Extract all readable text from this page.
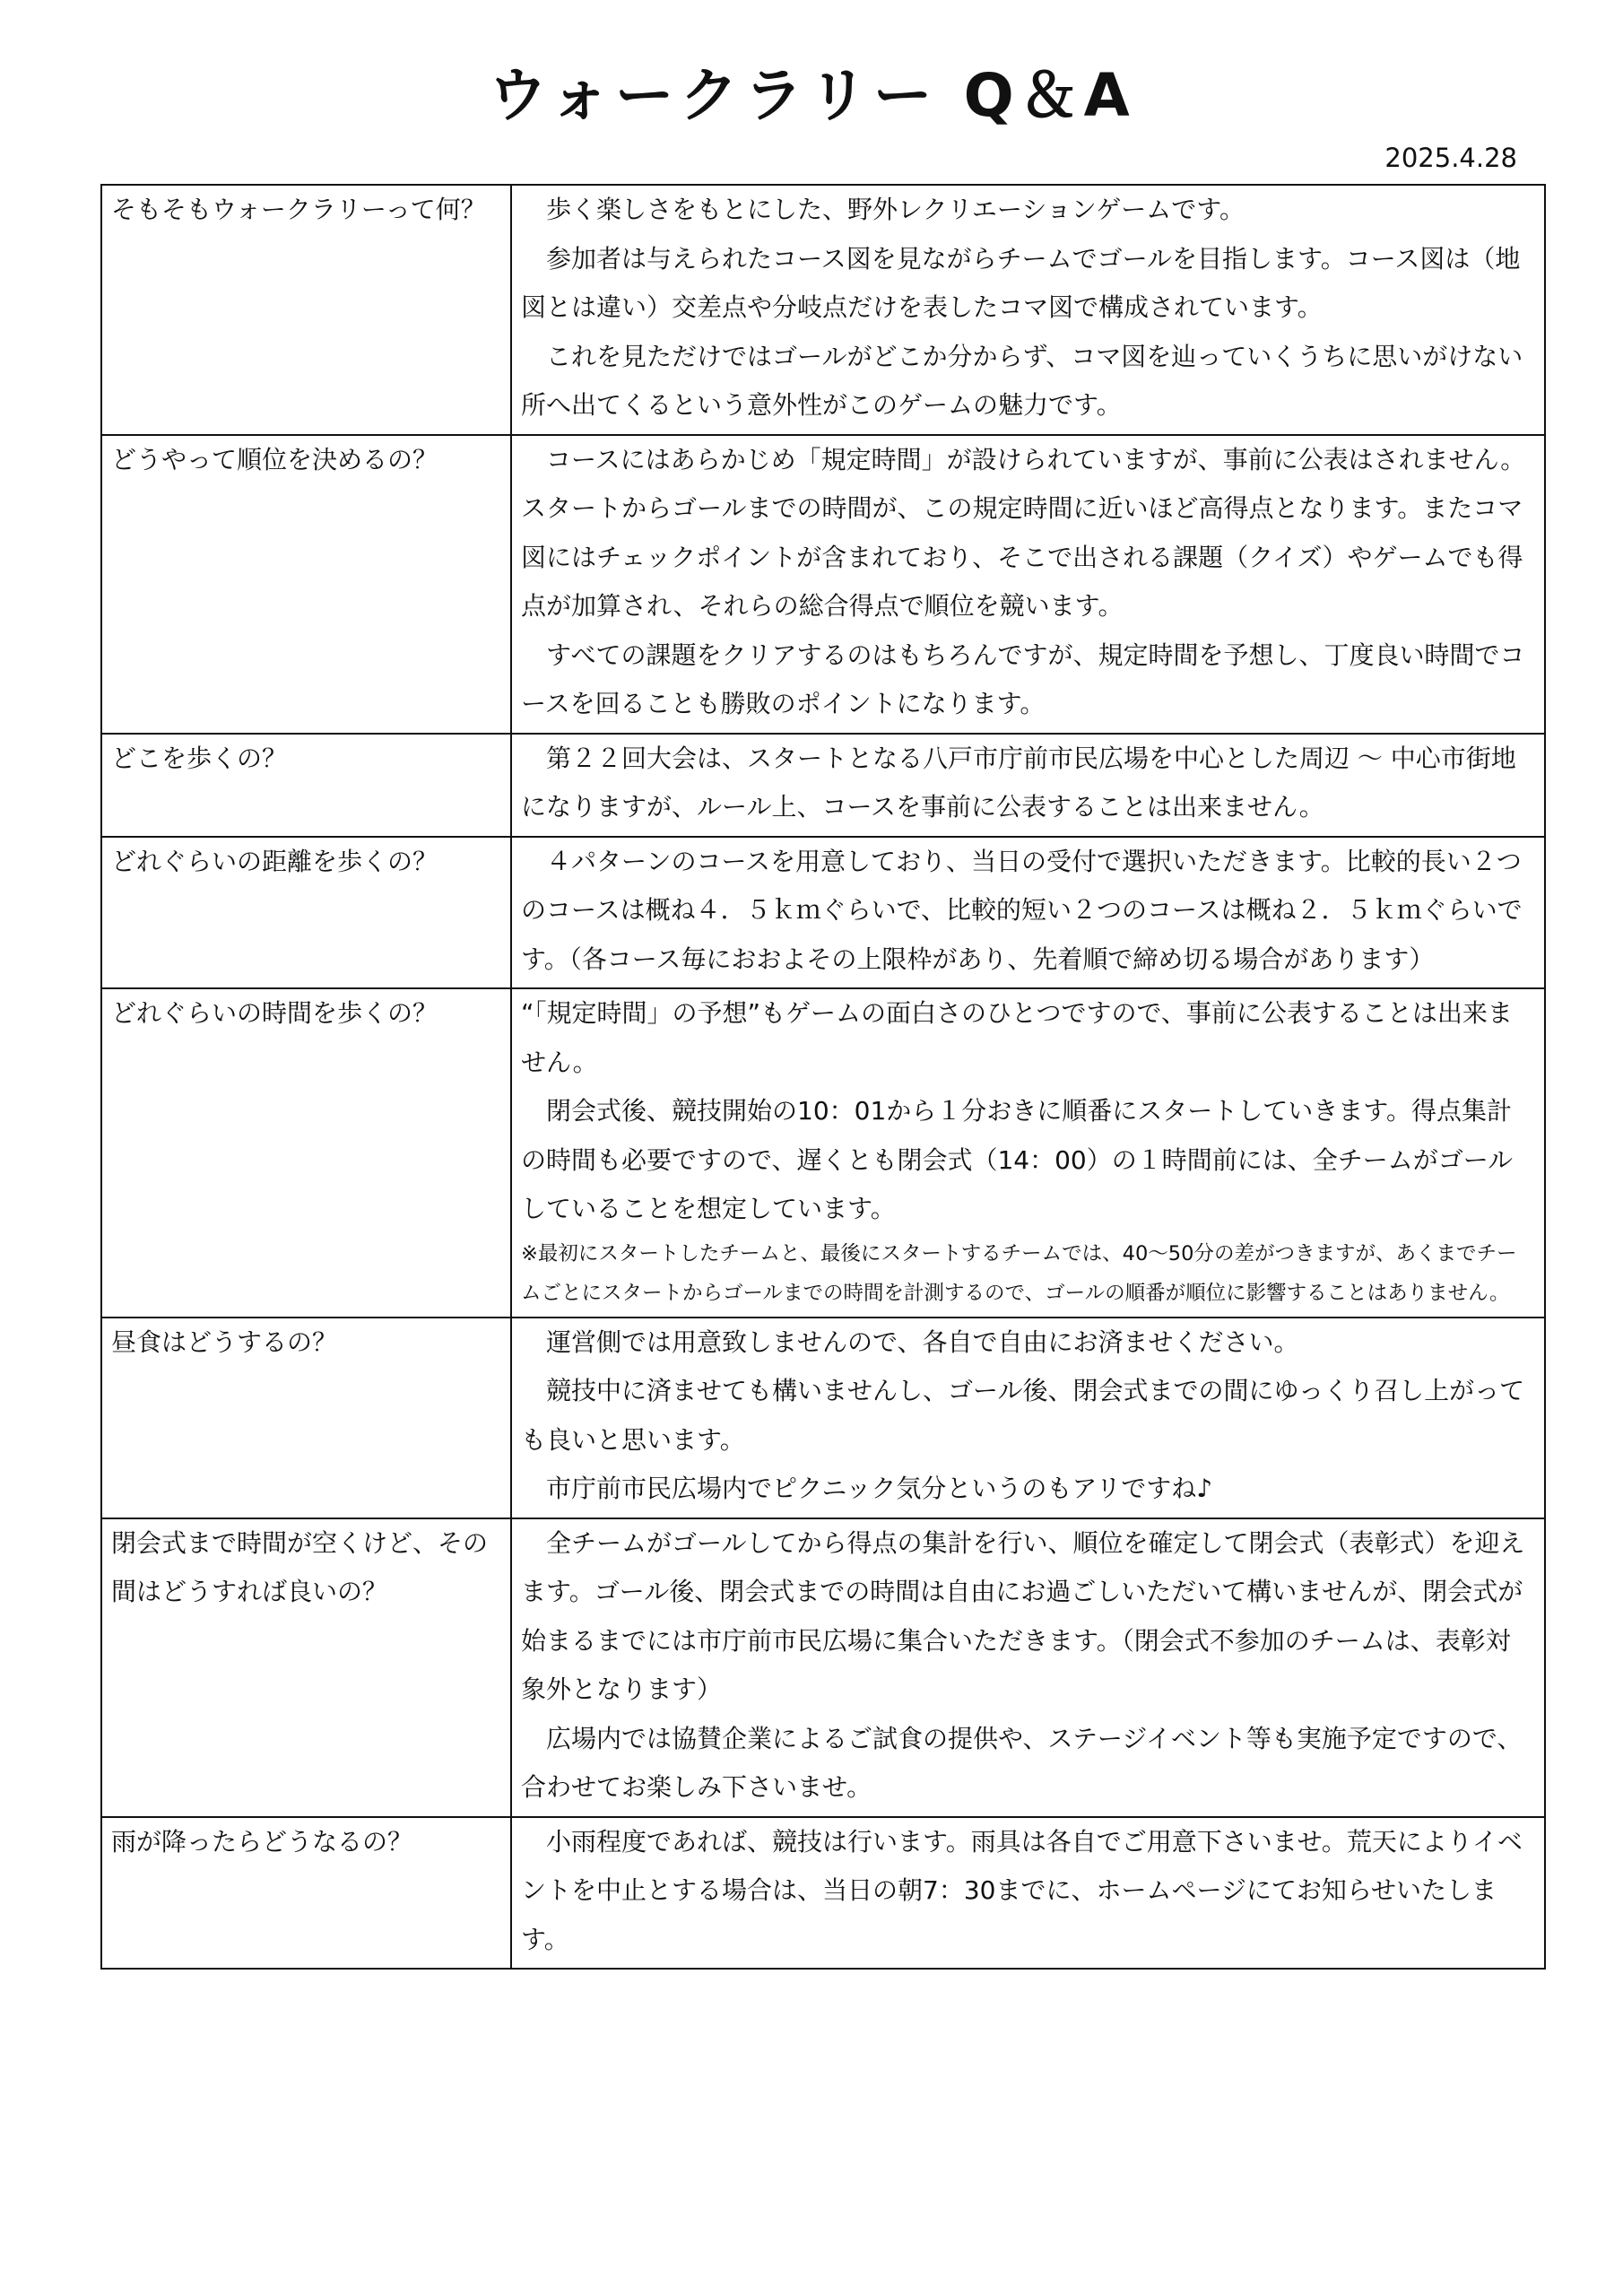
ウォークラリー Q＆A
2025.4.28
そもそもウォークラリーって何？	歩く楽しさをもとにした、野外レクリエーションゲームです。

参加者は与えられたコース図を見ながらチームでゴールを目指します。コース図は（地図とは違い）交差点や分岐点だけを表したコマ図で構成されています。

これを見ただけではゴールがどこか分からず、コマ図を辿っていくうちに思いがけない所へ出てくるという意外性がこのゲームの魅力です。

どうやって順位を決めるの？	コースにはあらかじめ「規定時間」が設けられていますが、事前に公表はされません。スタートからゴールまでの時間が、この規定時間に近いほど高得点となります。またコマ図にはチェックポイントが含まれており、そこで出される課題（クイズ）やゲームでも得点が加算され、それらの総合得点で順位を競います。

すべての課題をクリアするのはもちろんですが、規定時間を予想し、丁度良い時間でコースを回ることも勝敗のポイントになります。

どこを歩くの？	第２２回大会は、スタートとなる八戸市庁前市民広場を中心とした周辺 〜 中心市街地になりますが、ルール上、コースを事前に公表することは出来ません。

どれぐらいの距離を歩くの？	４パターンのコースを用意しており、当日の受付で選択いただきます。比較的長い２つのコースは概ね４．５ｋｍぐらいで、比較的短い２つのコースは概ね２．５ｋｍぐらいです。（各コース毎におおよその上限枠があり、先着順で締め切る場合があります）

どれぐらいの時間を歩くの？	“「規定時間」の予想”もゲームの面白さのひとつですので、事前に公表することは出来ません。

閉会式後、競技開始の10：01から１分おきに順番にスタートしていきます。得点集計の時間も必要ですので、遅くとも閉会式（14：00）の１時間前には、全チームがゴールしていることを想定しています。

※最初にスタートしたチームと、最後にスタートするチームでは、40〜50分の差がつきますが、あくまでチームごとにスタートからゴールまでの時間を計測するので、ゴールの順番が順位に影響することはありません。

昼食はどうするの？	運営側では用意致しませんので、各自で自由にお済ませください。

競技中に済ませても構いませんし、ゴール後、閉会式までの間にゆっくり召し上がっても良いと思います。

市庁前市民広場内でピクニック気分というのもアリですね♪

閉会式まで時間が空くけど、その間はどうすれば良いの？	全チームがゴールしてから得点の集計を行い、順位を確定して閉会式（表彰式）を迎えます。ゴール後、閉会式までの時間は自由にお過ごしいただいて構いませんが、閉会式が始まるまでには市庁前市民広場に集合いただきます。（閉会式不参加のチームは、表彰対象外となります）

広場内では協賛企業によるご試食の提供や、ステージイベント等も実施予定ですので、合わせてお楽しみ下さいませ。

雨が降ったらどうなるの？	小雨程度であれば、競技は行います。雨具は各自でご用意下さいませ。荒天によりイベントを中止とする場合は、当日の朝7：30までに、ホームページにてお知らせいたします。
